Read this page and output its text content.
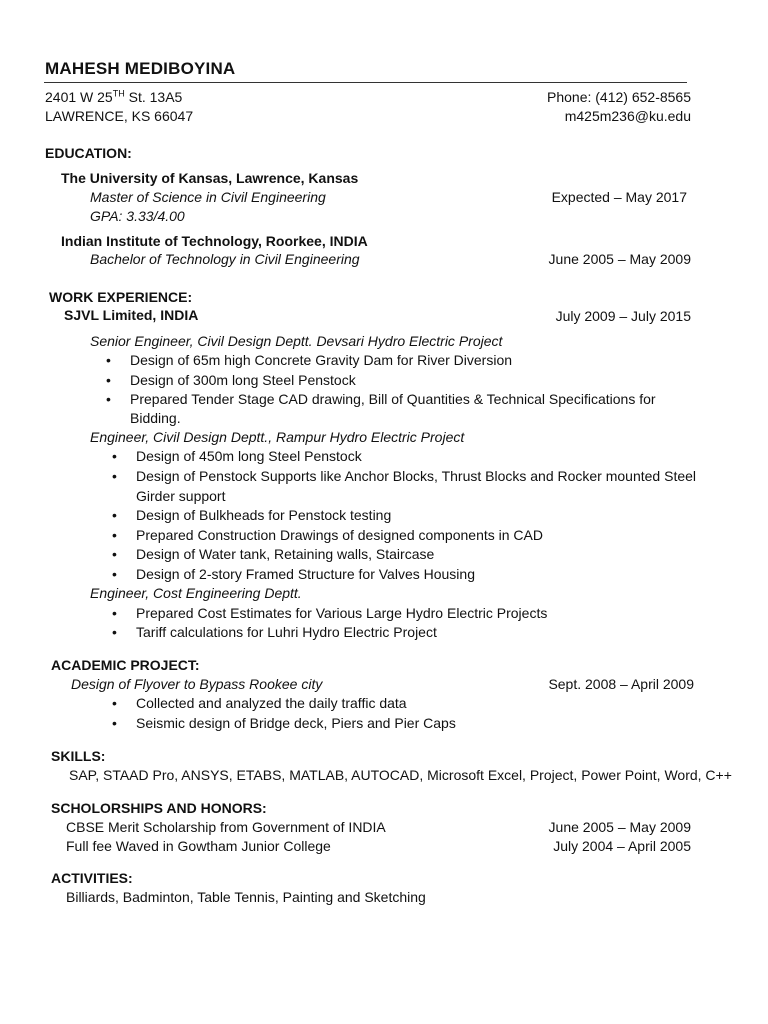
MAHESH MEDIBOYINA
2401 W 25TH St. 13A5
LAWRENCE, KS 66047
Phone: (412) 652-8565
m425m236@ku.edu
EDUCATION:
The University of Kansas, Lawrence, Kansas
Master of Science in Civil Engineering	Expected – May 2017
GPA: 3.33/4.00
Indian Institute of Technology, Roorkee, INDIA
Bachelor of Technology in Civil Engineering	June 2005 – May 2009
WORK EXPERIENCE:
SJVL Limited, INDIA	July 2009 – July 2015
Senior Engineer, Civil Design Deptt. Devsari Hydro Electric Project
• Design of 65m high Concrete Gravity Dam for River Diversion
• Design of 300m long Steel Penstock
• Prepared Tender Stage CAD drawing, Bill of Quantities & Technical Specifications for
Bidding.
Engineer, Civil Design Deptt., Rampur Hydro Electric Project
• Design of 450m long Steel Penstock
• Design of Penstock Supports like Anchor Blocks, Thrust Blocks and Rocker mounted Steel
Girder support
• Design of Bulkheads for Penstock testing
• Prepared Construction Drawings of designed components in CAD
• Design of Water tank, Retaining walls, Staircase
• Design of 2-story Framed Structure for Valves Housing
Engineer, Cost Engineering Deptt.
• Prepared Cost Estimates for Various Large Hydro Electric Projects
• Tariff calculations for Luhri Hydro Electric Project
ACADEMIC PROJECT:
Design of Flyover to Bypass Rookee city	Sept. 2008 – April 2009
• Collected and analyzed the daily traffic data
• Seismic design of Bridge deck, Piers and Pier Caps
SKILLS:
SAP, STAAD Pro, ANSYS, ETABS, MATLAB, AUTOCAD, Microsoft Excel, Project, Power Point, Word, C++
SCHOLORSHIPS AND HONORS:
CBSE Merit Scholarship from Government of INDIA	June 2005 – May 2009
Full fee Waved in Gowtham Junior College	July 2004 – April 2005
ACTIVITIES:
Billiards, Badminton, Table Tennis, Painting and Sketching
